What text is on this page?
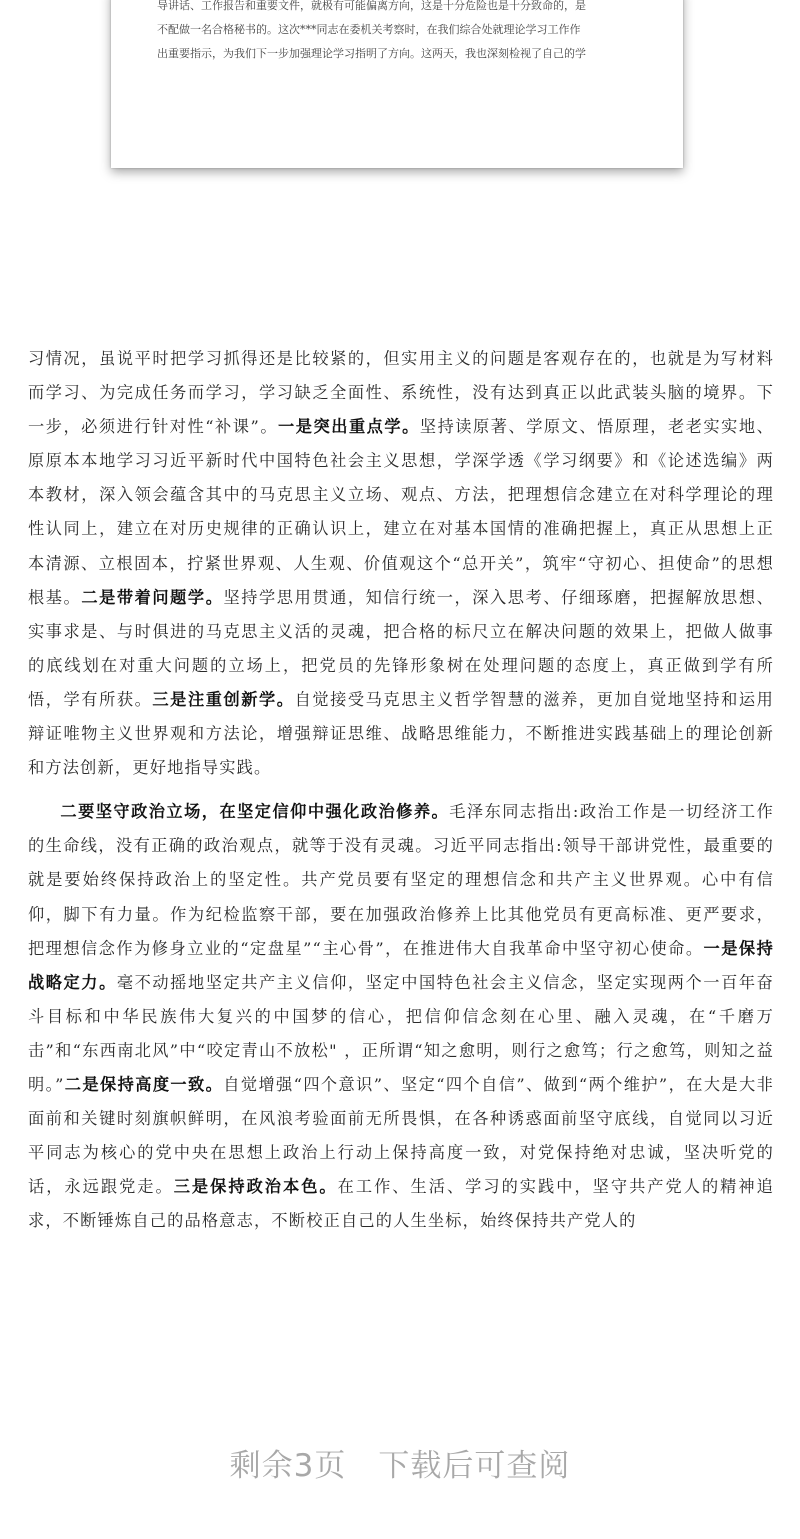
导讲话、工作报告和重要文件，就极有可能偏离方向，这是十分危险也是十分致命的，是
不配做一名合格秘书的。这次***同志在委机关考察时，在我们综合处就理论学习工作作
出重要指示，为我们下一步加强理论学习指明了方向。这两天，我也深刻检视了自己的学

习情况，虽说平时把学习抓得还是比较紧的，但实用主义的问题是客观存在的，也就是为写材料而学习、为完成任务而学习，学习缺乏全面性、系统性，没有达到真正以此武装头脑的境界。下一步，必须进行针对性“补课”。一是突出重点学。坚持读原著、学原文、悟原理，老老实实地、原原本本地学习习近平新时代中国特色社会主义思想，学深学透《学习纲要》和《论述选编》两本教材，深入领会蕴含其中的马克思主义立场、观点、方法，把理想信念建立在对科学理论的理性认同上，建立在对历史规律的正确认识上，建立在对基本国情的准确把握上，真正从思想上正本清源、立根固本，拧紧世界观、人生观、价值观这个“总开关”，筑牢“守初心、担使命”的思想根基。二是带着问题学。坚持学思用贯通，知信行统一，深入思考、仔细琢磨，把握解放思想、实事求是、与时俱进的马克思主义活的灵魂，把合格的标尺立在解决问题的效果上，把做人做事的底线划在对重大问题的立场上，把党员的先锋形象树在处理问题的态度上，真正做到学有所悟，学有所获。三是注重创新学。自觉接受马克思主义哲学智慧的滋养，更加自觉地坚持和运用辩证唯物主义世界观和方法论，增强辩证思维、战略思维能力，不断推进实践基础上的理论创新和方法创新，更好地指导实践。

二要坚守政治立场，在坚定信仰中强化政治修养。毛泽东同志指出:政治工作是一切经济工作的生命线，没有正确的政治观点，就等于没有灵魂。习近平同志指出:领导干部讲党性，最重要的就是要始终保持政治上的坚定性。共产党员要有坚定的理想信念和共产主义世界观。心中有信仰，脚下有力量。作为纪检监察干部，要在加强政治修养上比其他党员有更高标准、更严要求，把理想信念作为修身立业的“定盘星”“主心骨”，在推进伟大自我革命中坚守初心使命。一是保持战略定力。毫不动摇地坚定共产主义信仰，坚定中国特色社会主义信念，坚定实现两个一百年奋斗目标和中华民族伟大复兴的中国梦的信心，把信仰信念刻在心里、融入灵魂，在“千磨万击”和“东西南北风”中“咬定青山不放松" ，正所谓“知之愈明，则行之愈笃；行之愈笃，则知之益明。”二是保持高度一致。自觉增强“四个意识”、坚定“四个自信”、做到“两个维护”，在大是大非面前和关键时刻旗帜鲜明，在风浪考验面前无所畏惧，在各种诱惑面前坚守底线，自觉同以习近平同志为核心的党中央在思想上政治上行动上保持高度一致，对党保持绝对忠诚，坚决听党的话，永远跟党走。三是保持政治本色。在工作、生活、学习的实践中，坚守共产党人的精神追求，不断锤炼自己的品格意志，不断校正自己的人生坐标，始终保持共产党人的

剩余3页　下载后可查阅
